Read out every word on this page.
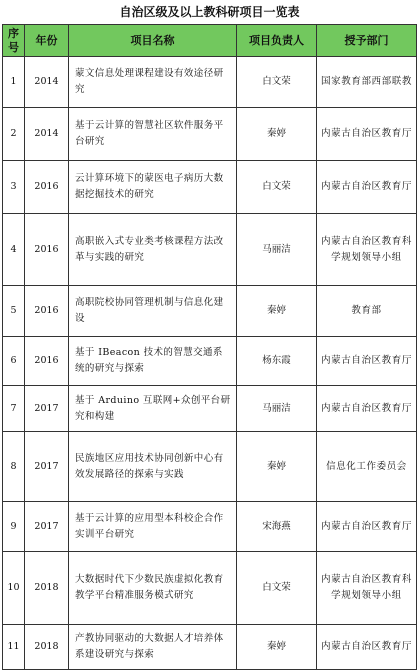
自治区级及以上教科研项目一览表
序号	年份	项目名称	项目负责人	授予部门
1	2014	蒙文信息处理课程建设有效途径研究	白文荣	国家教育部西部联教
2	2014	基于云计算的智慧社区软件服务平台研究	秦婷	内蒙古自治区教育厅
3	2016	云计算环境下的蒙医电子病历大数据挖掘技术的研究	白文荣	内蒙古自治区教育厅
4	2016	高职嵌入式专业类考核课程方法改革与实践的研究	马丽洁	内蒙古自治区教育科学规划领导小组
5	2016	高职院校协同管理机制与信息化建设	秦婷	教育部
6	2016	基于 IBeacon 技术的智慧交通系统的研究与探索	杨东霞	内蒙古自治区教育厅
7	2017	基于 Arduino 互联网+众创平台研究和构建	马丽洁	内蒙古自治区教育厅
8	2017	民族地区应用技术协同创新中心有效发展路径的探索与实践	秦婷	信息化工作委员会
9	2017	基于云计算的应用型本科校企合作实训平台研究	宋海燕	内蒙古自治区教育厅
10	2018	大数据时代下少数民族虚拟化教育教学平台精准服务模式研究	白文荣	内蒙古自治区教育科学规划领导小组
11	2018	产教协同驱动的大数据人才培养体系建设研究与探索	秦婷	内蒙古自治区教育厅
